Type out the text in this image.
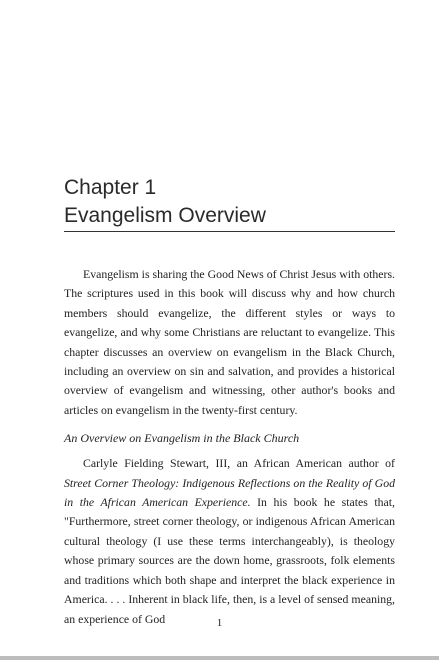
Chapter 1
Evangelism Overview

Evangelism is sharing the Good News of Christ Jesus with others. The scriptures used in this book will discuss why and how church members should evangelize, the different styles or ways to evangelize, and why some Christians are reluctant to evangelize. This chapter discusses an overview on evangelism in the Black Church, including an overview on sin and salvation, and provides a historical overview of evangelism and witnessing, other author's books and articles on evangelism in the twenty-first century.

An Overview on Evangelism in the Black Church

Carlyle Fielding Stewart, III, an African American author of Street Corner Theology: Indigenous Reflections on the Reality of God in the African American Experience. In his book he states that, "Furthermore, street corner theology, or indigenous African American cultural theology (I use these terms interchangeably), is theology whose primary sources are the down home, grassroots, folk elements and traditions which both shape and interpret the black experience in America. . . . Inherent in black life, then, is a level of sensed meaning, an experience of God	1
